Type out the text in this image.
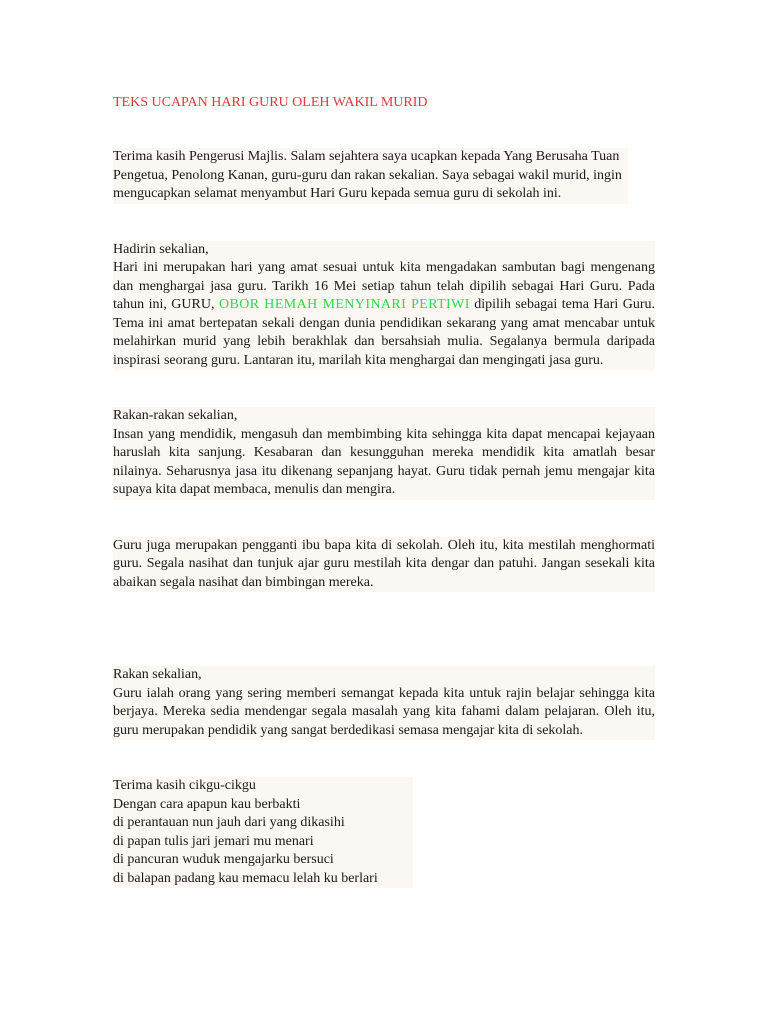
TEKS UCAPAN HARI GURU OLEH WAKIL MURID

Terima kasih Pengerusi Majlis. Salam sejahtera saya ucapkan kepada Yang Berusaha Tuan Pengetua, Penolong Kanan, guru-guru dan rakan sekalian. Saya sebagai wakil murid, ingin mengucapkan selamat menyambut Hari Guru kepada semua guru di sekolah ini.

Hadirin sekalian,
Hari ini merupakan hari yang amat sesuai untuk kita mengadakan sambutan bagi mengenang dan menghargai jasa guru. Tarikh 16 Mei setiap tahun telah dipilih sebagai Hari Guru. Pada tahun ini, GURU, OBOR HEMAH MENYINARI PERTIWI dipilih sebagai tema Hari Guru. Tema ini amat bertepatan sekali dengan dunia pendidikan sekarang yang amat mencabar untuk melahirkan murid yang lebih berakhlak dan bersahsiah mulia. Segalanya bermula daripada inspirasi seorang guru. Lantaran itu, marilah kita menghargai dan mengingati jasa guru.

Rakan-rakan sekalian,
Insan yang mendidik, mengasuh dan membimbing kita sehingga kita dapat mencapai kejayaan haruslah kita sanjung. Kesabaran dan kesungguhan mereka mendidik kita amatlah besar nilainya. Seharusnya jasa itu dikenang sepanjang hayat. Guru tidak pernah jemu mengajar kita supaya kita dapat membaca, menulis dan mengira.

Guru juga merupakan pengganti ibu bapa kita di sekolah. Oleh itu, kita mestilah menghormati guru. Segala nasihat dan tunjuk ajar guru mestilah kita dengar dan patuhi. Jangan sesekali kita abaikan segala nasihat dan bimbingan mereka.

Rakan sekalian,
Guru ialah orang yang sering memberi semangat kepada kita untuk rajin belajar sehingga kita berjaya. Mereka sedia mendengar segala masalah yang kita fahami dalam pelajaran. Oleh itu, guru merupakan pendidik yang sangat berdedikasi semasa mengajar kita di sekolah.

Terima kasih cikgu-cikgu
Dengan cara apapun kau berbakti
di perantauan nun jauh dari yang dikasihi
di papan tulis jari jemari mu menari
di pancuran wuduk mengajarku bersuci
di balapan padang kau memacu lelah ku berlari
